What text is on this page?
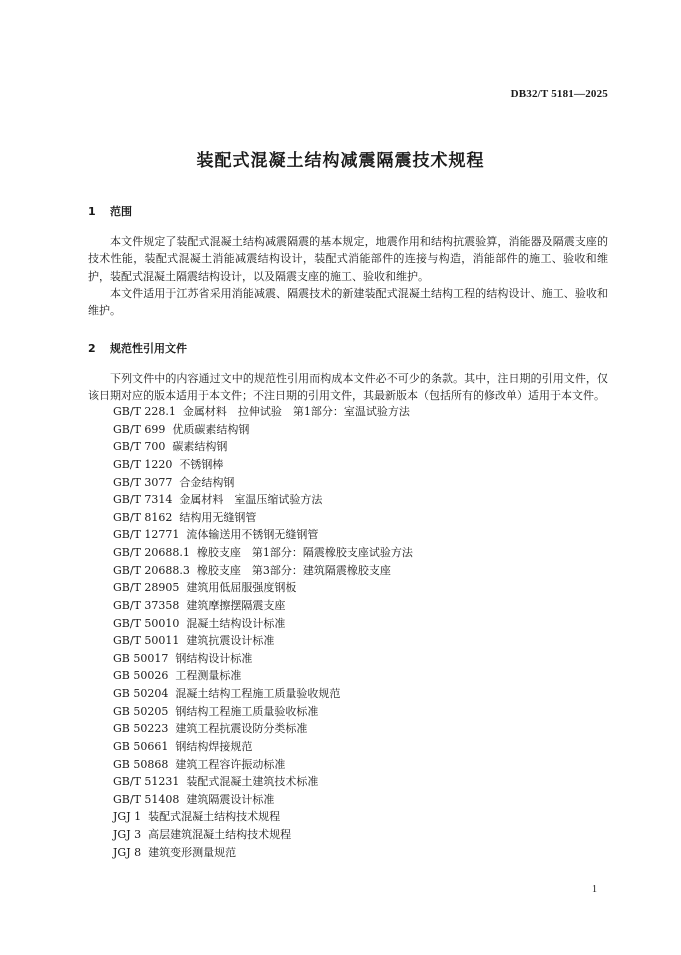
DB32/T 5181—2025
装配式混凝土结构减震隔震技术规程
1 范围

本文件规定了装配式混凝土结构减震隔震的基本规定，地震作用和结构抗震验算，消能器及隔震支座的技术性能，装配式混凝土消能减震结构设计，装配式消能部件的连接与构造，消能部件的施工、验收和维护，装配式混凝土隔震结构设计，以及隔震支座的施工、验收和维护。

本文件适用于江苏省采用消能减震、隔震技术的新建装配式混凝土结构工程的结构设计、施工、验收和维护。

2 规范性引用文件

下列文件中的内容通过文中的规范性引用而构成本文件必不可少的条款。其中，注日期的引用文件，仅该日期对应的版本适用于本文件；不注日期的引用文件，其最新版本（包括所有的修改单）适用于本文件。

GB/T 228.1 金属材料　拉伸试验　第1部分：室温试验方法
GB/T 699 优质碳素结构钢
GB/T 700 碳素结构钢
GB/T 1220 不锈钢棒
GB/T 3077 合金结构钢
GB/T 7314 金属材料　室温压缩试验方法
GB/T 8162 结构用无缝钢管
GB/T 12771 流体输送用不锈钢无缝钢管
GB/T 20688.1 橡胶支座　第1部分：隔震橡胶支座试验方法
GB/T 20688.3 橡胶支座　第3部分：建筑隔震橡胶支座
GB/T 28905 建筑用低屈服强度钢板
GB/T 37358 建筑摩擦摆隔震支座
GB/T 50010 混凝土结构设计标准
GB/T 50011 建筑抗震设计标准
GB 50017 钢结构设计标准
GB 50026 工程测量标准
GB 50204 混凝土结构工程施工质量验收规范
GB 50205 钢结构工程施工质量验收标准
GB 50223 建筑工程抗震设防分类标准
GB 50661 钢结构焊接规范
GB 50868 建筑工程容许振动标准
GB/T 51231 装配式混凝土建筑技术标准
GB/T 51408 建筑隔震设计标准
JGJ 1 装配式混凝土结构技术规程
JGJ 3 高层建筑混凝土结构技术规程
JGJ 8 建筑变形测量规范
1
